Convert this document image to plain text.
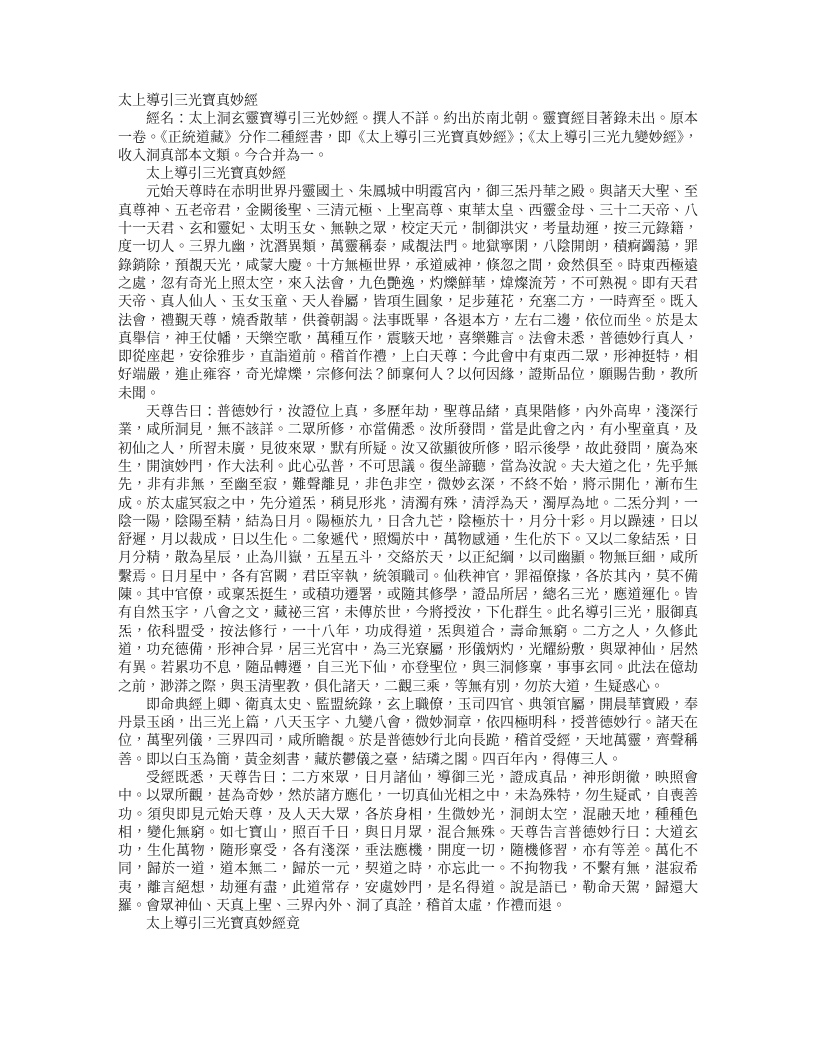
太上導引三光寶真妙經

經名：太上洞玄靈寶導引三光妙經。撰人不詳。約出於南北朝。靈寶經目著錄未出。原本一卷。《正統道藏》分作二種經書，即《太上導引三光寶真妙經》；《太上導引三光九變妙經》，收入洞真部本文類。今合并為一。

太上導引三光寶真妙經

元始天尊時在赤明世界丹靈國土、朱鳳城中明霞宮內，御三炁丹華之殿。與諸天大聖、至真尊神、五老帝君，金闕後聖、三清元極、上聖高尊、東華太皇、西靈金母、三十二天帝、八十一天君、玄和靈妃、太明玉女、無鞅之眾，校定天元，制御洪灾，考量劫運，按三元錄籍，度一切人。三界九幽，沈潛異類，萬靈稱泰，咸覩法門。地獄寧閑，八陰開朗，積痾蠲蕩，罪錄銷除，預覩天光，咸蒙大慶。十方無極世界，承道威神，倏忽之間，僉然俱至。時東西極遠之處，忽有奇光上照太空，來入法會，九色艷逸，灼爍鮮華，煒燦流芳，不可熟視。即有天君天帝、真人仙人、玉女玉童、天人眷屬，皆項生圓象，足步蓮花，充塞二方，一時齊至。既入法會，禮覲天尊，燒香散華，供養朝謁。法事既畢，各退本方，左右二邊，依位而坐。於是太真舉信，神王仗幡，天樂空歌，萬種互作，震駭天地，喜樂難言。法會未悉，普德妙行真人，即從座起，安徐雅步，直詣道前。稽首作禮，上白天尊：今此會中有東西二眾，形神挺特，相好端嚴，進止雍容，奇光煒爍，宗修何法？師稟何人？以何因緣，證斯品位，願賜告動，教所未聞。

天尊告曰：普德妙行，汝證位上真，多歷年劫，聖尊品緒，真果階修，內外高卑，淺深行業，咸所洞見，無不該詳。二眾所修，亦當備悉。汝所發問，當是此會之內，有小聖童真，及初仙之人，所習未廣，見彼來眾，默有所疑。汝又欲顯彼所修，昭示後學，故此發問，廣為來生，開演妙門，作大法利。此心弘普，不可思議。復坐諦聽，當為汝說。夫大道之化，先乎無先，非有非無，至幽至寂，難聲離見，非色非空，微妙玄深，不終不始，將示開化，漸布生成。於太虛冥寂之中，先分道炁，稍見形兆，清濁有殊，清浮為天，濁厚為地。二炁分判，一陰一陽，陰陽至精，結為日月。陽極於九，日含九芒，陰極於十，月分十彩。月以躁速，日以舒遲，月以裁成，日以生化。二象遞代，照燭於中，萬物感通，生化於下。又以二象結炁，日月分精，散為星辰，止為川嶽，五星五斗，交絡於天，以正紀綱，以司幽顯。物無巨細，咸所繫焉。日月星中，各有宮闕，君臣宰執，統領職司。仙秩神官，罪福僚掾，各於其內，莫不備陳。其中官僚，或稟炁挺生，或積功遷署，或隨其修學，證品所居，總名三光，應道運化。皆有自然玉字，八會之文，藏祕三宮，未傳於世，今將授汝，下化群生。此名導引三光，服御真炁，依科盟受，按法修行，一十八年，功成得道，炁與道合，壽命無窮。二方之人，久修此道，功充德備，形神合昇，居三光宮中，為三光寮屬，形儀炳灼，光耀紛敷，與眾神仙，居然有異。若累功不息，隨品轉遷，自三光下仙，亦登聖位，與三洞修稟，事事玄同。此法在億劫之前，渺漭之際，與玉清聖教，俱化諸天，二觀三乘，等無有別，勿於大道，生疑惑心。

即命典經上卿、衛真太史、監盟統錄，玄上職僚，玉司四官、典領官屬，開晨華寶殿，奉丹景玉函，出三光上篇，八天玉字、九變八會，微妙洞章，依四極明科，授普德妙行。諸天在位，萬聖列儀，三界四司，咸所瞻覩。於是普德妙行北向長跪，稽首受經，天地萬靈，齊聲稱善。即以白玉為簡，黃金刻書，藏於鬱儀之臺，結璘之閣。四百年內，得傳三人。

受經既悉，天尊告曰：二方來眾，日月諸仙，導御三光，證成真品，神形朗徹，映照會中。以眾所觀，甚為奇妙，然於諸方應化，一切真仙光相之中，未為殊特，勿生疑貳，自喪善功。須臾即見元始天尊，及人天大眾，各於身相，生微妙光，洞朗太空，混融天地，種種色相，變化無窮。如七寶山，照百千日，與日月眾，混合無殊。天尊告言普德妙行曰：大道玄功，生化萬物，隨形稟受，各有淺深，垂法應機，開度一切，隨機修習，亦有等差。萬化不同，歸於一道，道本無二，歸於一元，契道之時，亦忘此一。不拘物我，不繫有無，湛寂希夷，離言絕想，劫運有盡，此道常存，安處妙門，是名得道。說是語已，勒命天駕，歸還大羅。會眾神仙、天真上聖、三界內外、洞了真詮，稽首太虛，作禮而退。

太上導引三光寶真妙經竟
